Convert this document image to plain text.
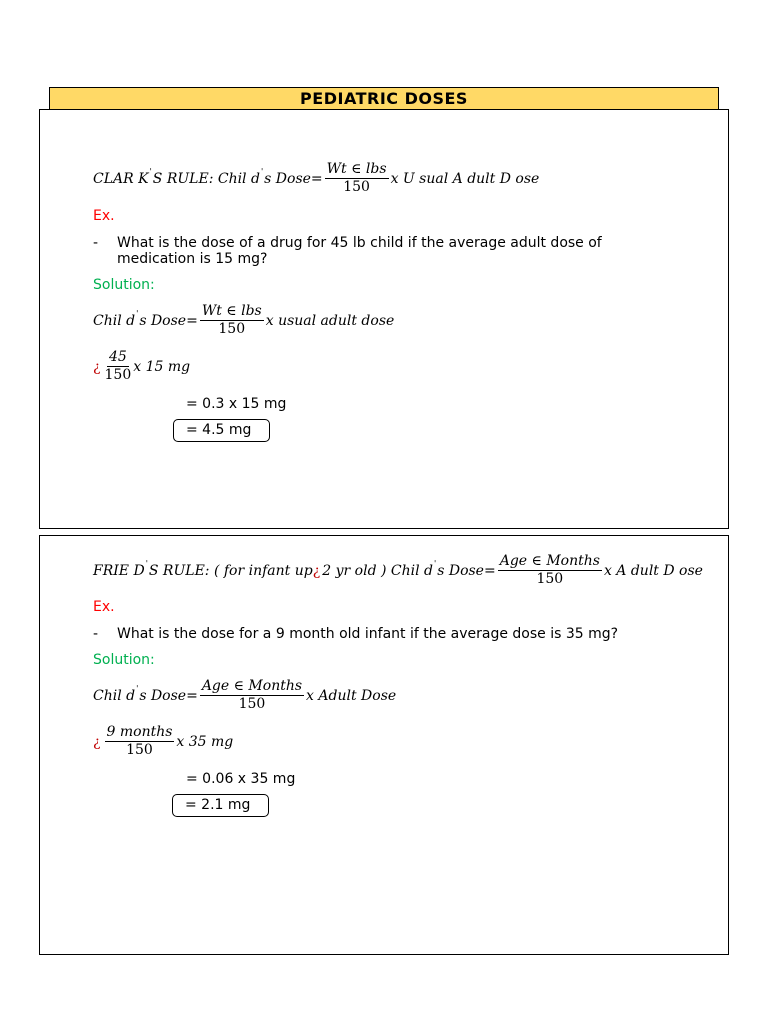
PEDIATRIC DOSES
CLAR K ' S RULE : Chil d ' s Dose = $\frac{\text{Wt ∈ lbs}}{150}$ x U sual A dult D ose
Ex.
- What is the dose of a drug for 45 lb child if the average adult dose of medication is 15 mg?
Solution:
Chil d ' s Dose = $\frac{\text{Wt ∈ lbs}}{150}$ x usual adult dose
¿ $\frac{45}{150}$ x 15 mg
= 0.3 x 15 mg
= 4.5 mg
FRIE D ' S RULE : ( for infant up ¿ 2 yr old ) Chil d ' s Dose = $\frac{\text{Age ∈ Months}}{150}$ x A dult D ose
Ex.
- What is the dose for a 9 month old infant if the average dose is 35 mg?
Solution:
Chil d ' s Dose = $\frac{\text{Age ∈ Months}}{150}$ x Adult Dose
¿ $\frac{\text{9 months}}{150}$ x 35 mg
= 0.06 x 35 mg
= 2.1 mg
